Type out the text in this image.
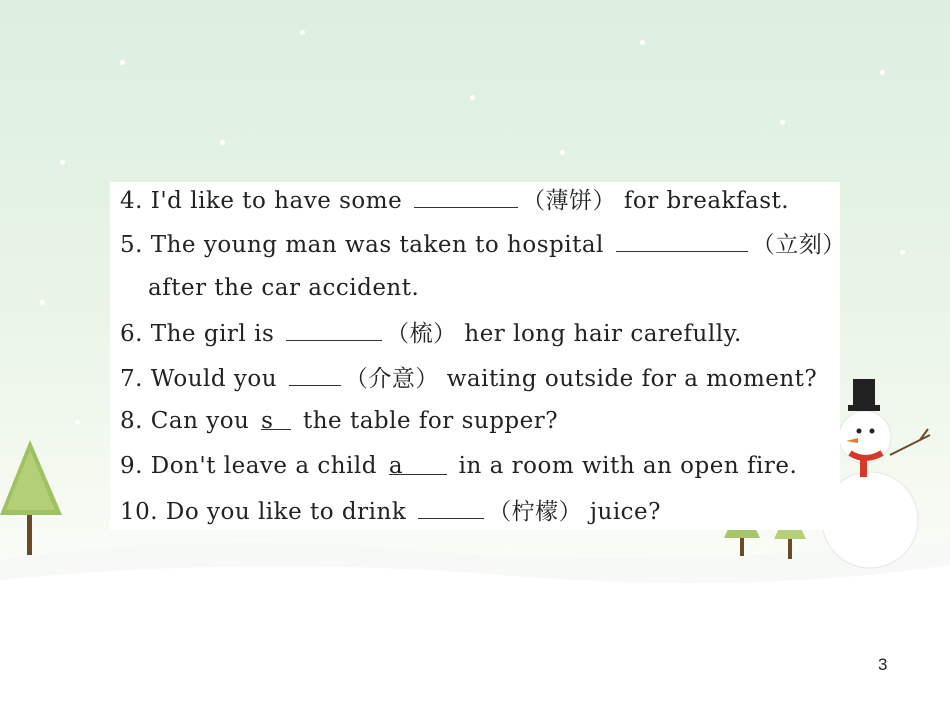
4. I'd like to have some	（薄饼） for breakfast.
5. The young man was taken to hospital	（立刻）
after the car accident.
6. The girl is	（梳） her long hair carefully.
7. Would you	（介意） waiting outside for a moment?
8. Can you s the table for supper?
9. Don't leave a child a in a room with an open fire.
10. Do you like to drink	（柠檬） juice?
3
